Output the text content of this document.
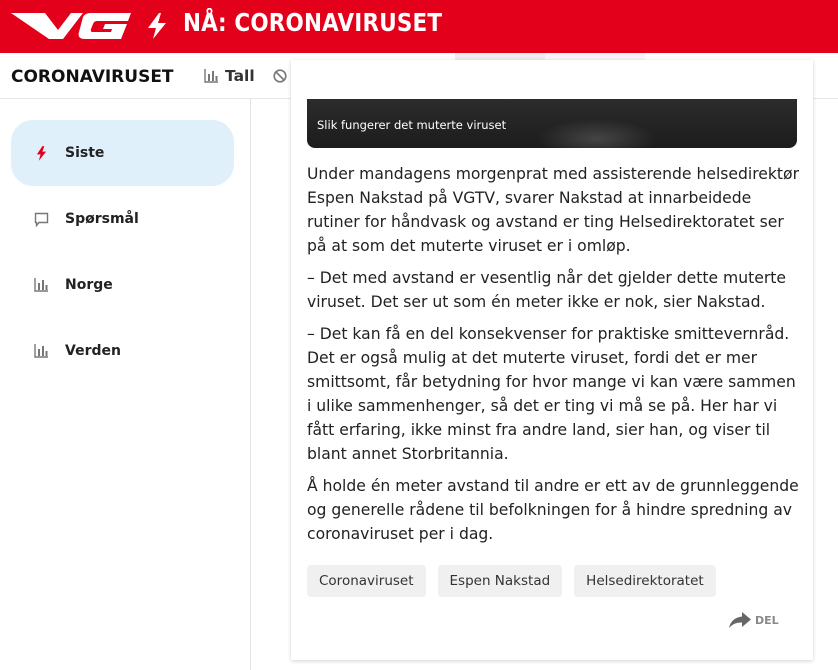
NÅ: CORONAVIRUSET
CORONAVIRUSET	Tall
Siste
Spørsmål
Norge
Verden
Slik fungerer det muterte viruset

Under mandagens morgenprat med assisterende helsedirektør Espen Nakstad på VGTV, svarer Nakstad at innarbeidede rutiner for håndvask og avstand er ting Helsedirektoratet ser på at som det muterte viruset er i omløp.

– Det med avstand er vesentlig når det gjelder dette muterte viruset. Det ser ut som én meter ikke er nok, sier Nakstad.

– Det kan få en del konsekvenser for praktiske smittevernråd. Det er også mulig at det muterte viruset, fordi det er mer smittsomt, får betydning for hvor mange vi kan være sammen i ulike sammenhenger, så det er ting vi må se på. Her har vi fått erfaring, ikke minst fra andre land, sier han, og viser til blant annet Storbritannia.

Å holde én meter avstand til andre er ett av de grunnleggende og generelle rådene til befolkningen for å hindre spredning av coronaviruset per i dag.

Coronaviruset	Espen Nakstad	Helsedirektoratet
DEL
